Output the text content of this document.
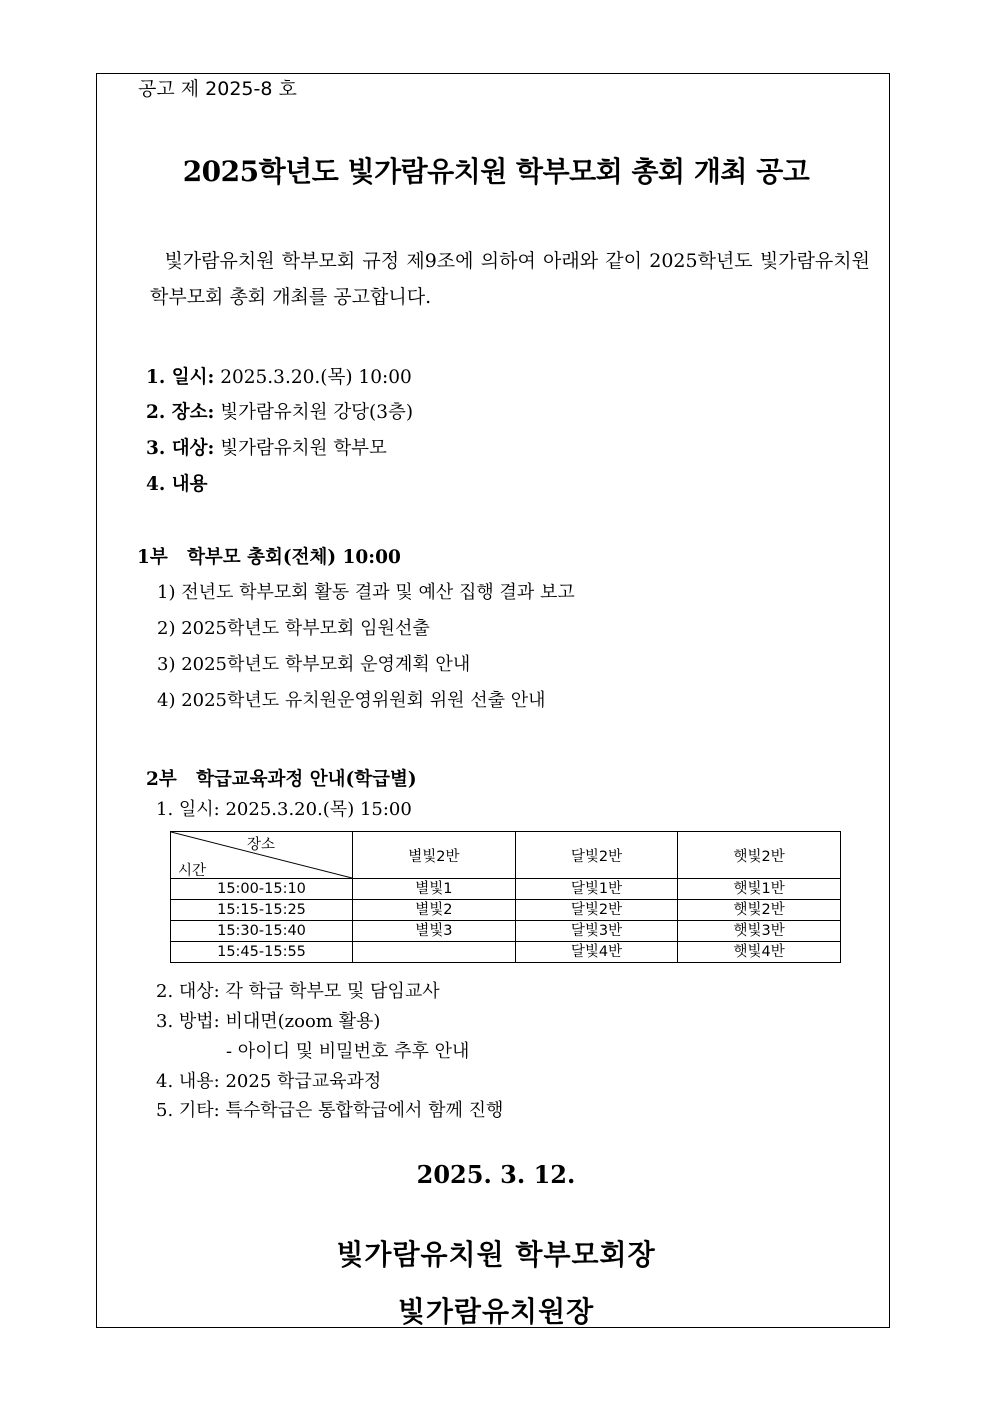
공고 제 2025-8 호
2025학년도 빛가람유치원 학부모회 총회 개최 공고
빛가람유치원 학부모회 규정 제9조에 의하여 아래와 같이 2025학년도 빛가람유치원 학부모회 총회 개최를 공고합니다.
1. 일시: 2025.3.20.(목) 10:00
2. 장소: 빛가람유치원 강당(3층)
3. 대상: 빛가람유치원 학부모
4. 내용
1부   학부모 총회(전체) 10:00
1) 전년도 학부모회 활동 결과 및 예산 집행 결과 보고
2) 2025학년도 학부모회 임원선출
3) 2025학년도 학부모회 운영계획 안내
4) 2025학년도 유치원운영위원회 위원 선출 안내
2부   학급교육과정 안내(학급별)
1. 일시: 2025.3.20.(목) 15:00
장소
시간	별빛2반	달빛2반	햇빛2반
15:00-15:10	별빛1	달빛1반	햇빛1반
15:15-15:25	별빛2	달빛2반	햇빛2반
15:30-15:40	별빛3	달빛3반	햇빛3반
15:45-15:55		달빛4반	햇빛4반
2. 대상: 각 학급 학부모 및 담임교사
3. 방법: 비대면(zoom 활용)
- 아이디 및 비밀번호 추후 안내
4. 내용: 2025 학급교육과정
5. 기타: 특수학급은 통합학급에서 함께 진행
2025. 3. 12.
빛가람유치원 학부모회장
빛가람유치원장
